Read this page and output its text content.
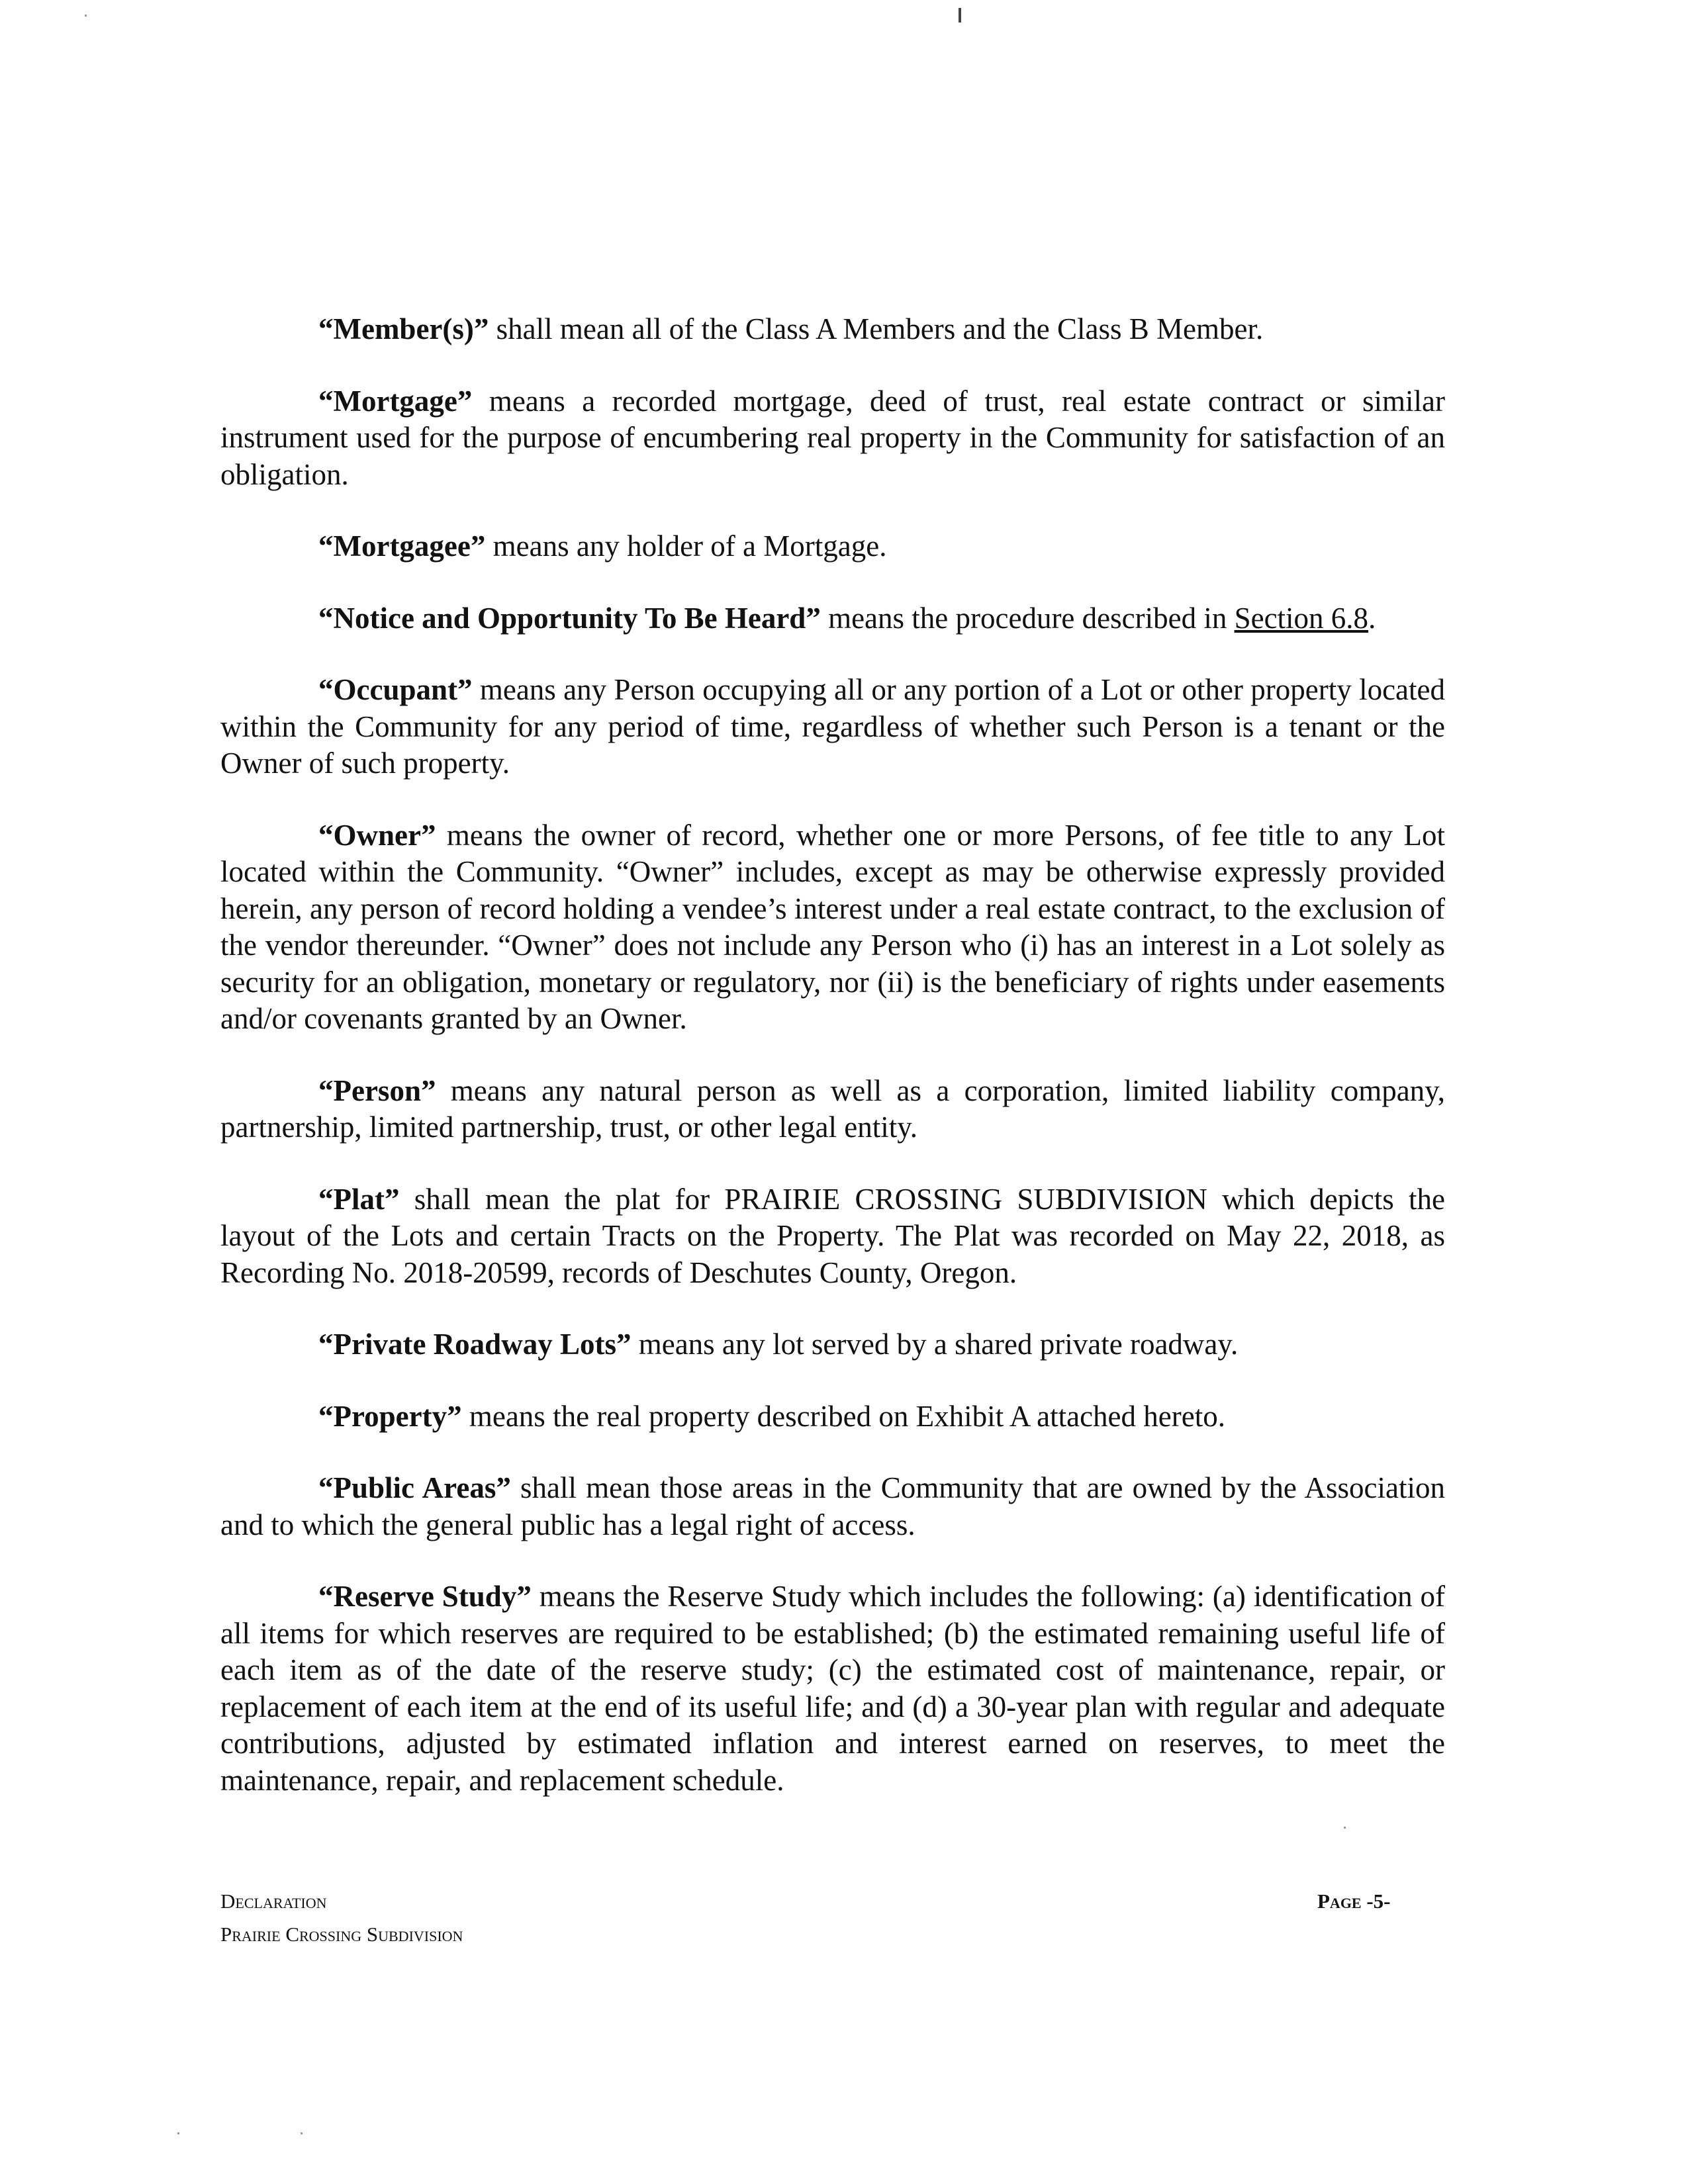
“Member(s)” shall mean all of the Class A Members and the Class B Member.

“Mortgage” means a recorded mortgage, deed of trust, real estate contract or similar instrument used for the purpose of encumbering real property in the Community for satisfaction of an obligation.

“Mortgagee” means any holder of a Mortgage.

“Notice and Opportunity To Be Heard” means the procedure described in Section 6.8.

“Occupant” means any Person occupying all or any portion of a Lot or other property located within the Community for any period of time, regardless of whether such Person is a tenant or the Owner of such property.

“Owner” means the owner of record, whether one or more Persons, of fee title to any Lot located within the Community. “Owner” includes, except as may be otherwise expressly provided herein, any person of record holding a vendee’s interest under a real estate contract, to the exclusion of the vendor thereunder. “Owner” does not include any Person who (i) has an interest in a Lot solely as security for an obligation, monetary or regulatory, nor (ii) is the beneficiary of rights under easements and/or covenants granted by an Owner.

“Person” means any natural person as well as a corporation, limited liability company, partnership, limited partnership, trust, or other legal entity.

“Plat” shall mean the plat for PRAIRIE CROSSING SUBDIVISION which depicts the layout of the Lots and certain Tracts on the Property. The Plat was recorded on May 22, 2018, as Recording No. 2018-20599, records of Deschutes County, Oregon.

“Private Roadway Lots” means any lot served by a shared private roadway.

“Property” means the real property described on Exhibit A attached hereto.

“Public Areas” shall mean those areas in the Community that are owned by the Association and to which the general public has a legal right of access.

“Reserve Study” means the Reserve Study which includes the following: (a) identification of all items for which reserves are required to be established; (b) the estimated remaining useful life of each item as of the date of the reserve study; (c) the estimated cost of maintenance, repair, or replacement of each item at the end of its useful life; and (d) a 30-year plan with regular and adequate contributions, adjusted by estimated inflation and interest earned on reserves, to meet the maintenance, repair, and replacement schedule.

Declaration
Prairie Crossing Subdivision
Page -5-
